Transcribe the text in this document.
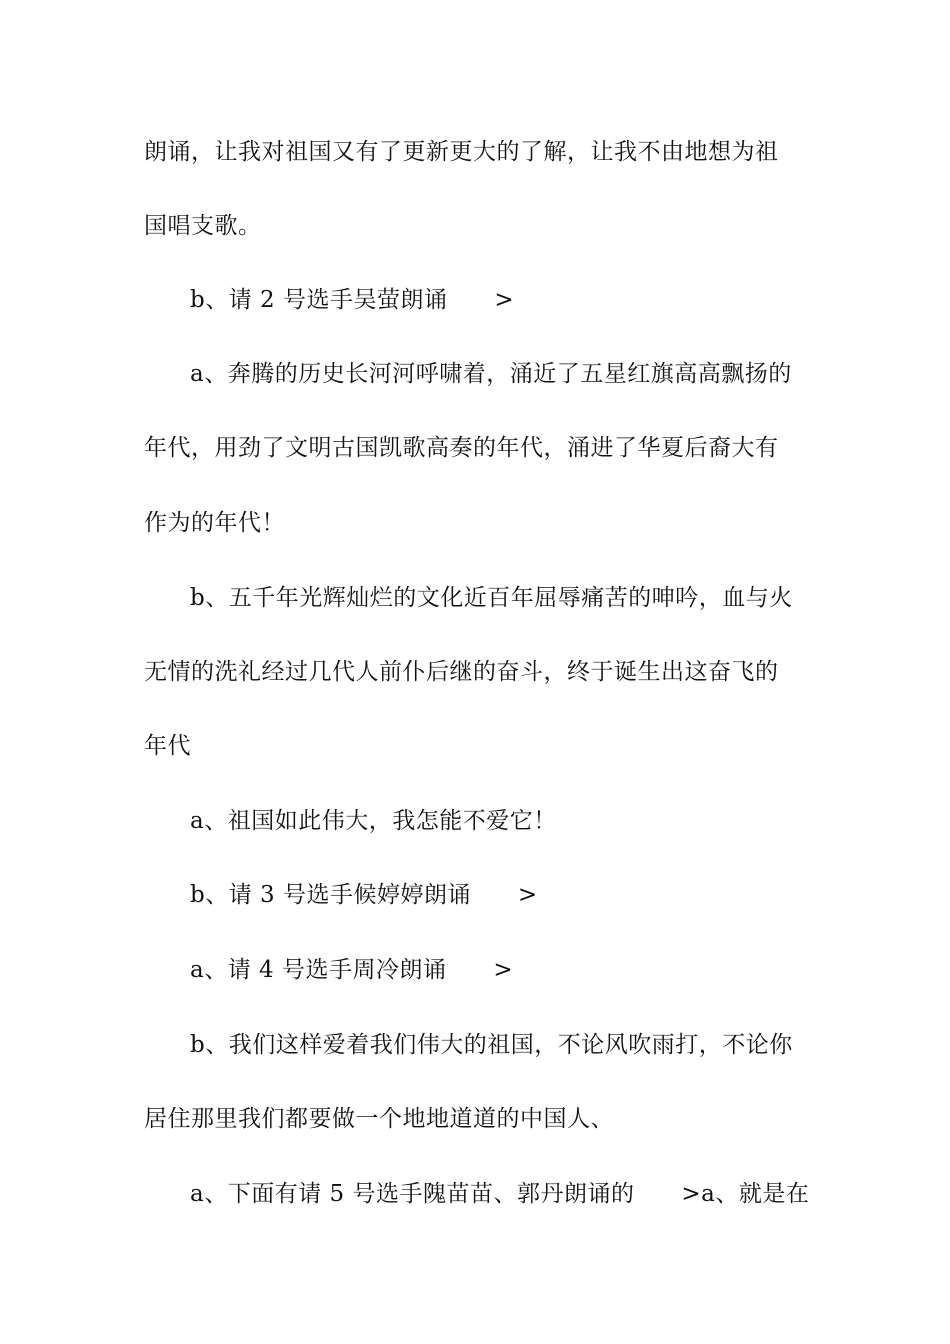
朗诵，让我对祖国又有了更新更大的了解，让我不由地想为祖
国唱支歌。
b、请 2 号选手吴萤朗诵      >
a、奔腾的历史长河河呼啸着，涌近了五星红旗高高飘扬的
年代，用劲了文明古国凯歌高奏的年代，涌进了华夏后裔大有
作为的年代！
b、五千年光辉灿烂的文化近百年屈辱痛苦的呻吟，血与火
无情的洗礼经过几代人前仆后继的奋斗，终于诞生出这奋飞的
年代
a、祖国如此伟大，我怎能不爱它！
b、请 3 号选手候婷婷朗诵      >
a、请 4 号选手周冷朗诵      >
b、我们这样爱着我们伟大的祖国，不论风吹雨打，不论你
居住那里我们都要做一个地地道道的中国人、
a、下面有请 5 号选手隗苗苗、郭丹朗诵的      >a、就是在
